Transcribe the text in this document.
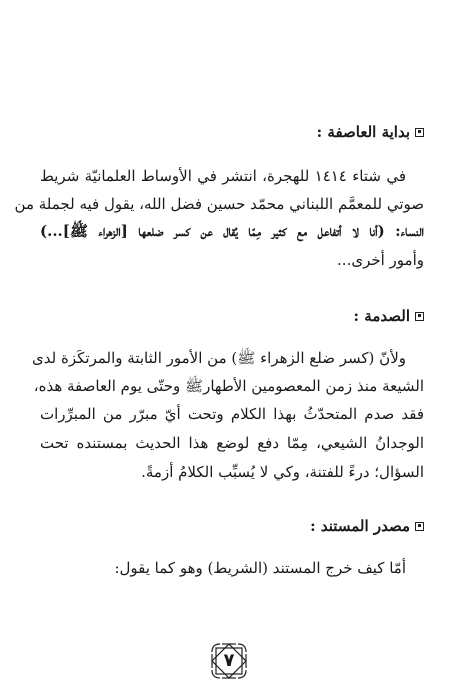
بداية العاصفة :
في شتاء ١٤١٤ للهجرة، انتشر في الأوساط العلمانيّة شريط
صوتي للمعمَّم اللبناني محمّد حسين فضل الله، يقول فيه لجملة من
النساء: (أنا لا أتفاعل مع كثير مِمّا يُقال عن كسر ضلعها [الزهراء ﷺ]...)
وأمور أخرى...
الصدمة :
ولأنّ (كسر ضلع الزهراء ﷺ) من الأمور الثابتة والمرتكَزة لدى
الشيعة منذ زمن المعصومين الأطهارﷺ وحتّى يوم العاصفة هذه،
فقد صدم المتحدّثُ بهذا الكلام وتحت أيّ مبرّر من المبرِّرات
الوجدانُ الشيعي، مِمّا دفع لوضع هذا الحديث بمستنده تحت
السؤال؛ درءً للفتنة، وكي لا يُسبِّب الكلامُ أزمةً.
مصدر المستند :
أمّا كيف خرج المستند (الشريط) وهو كما يقول:
٧
